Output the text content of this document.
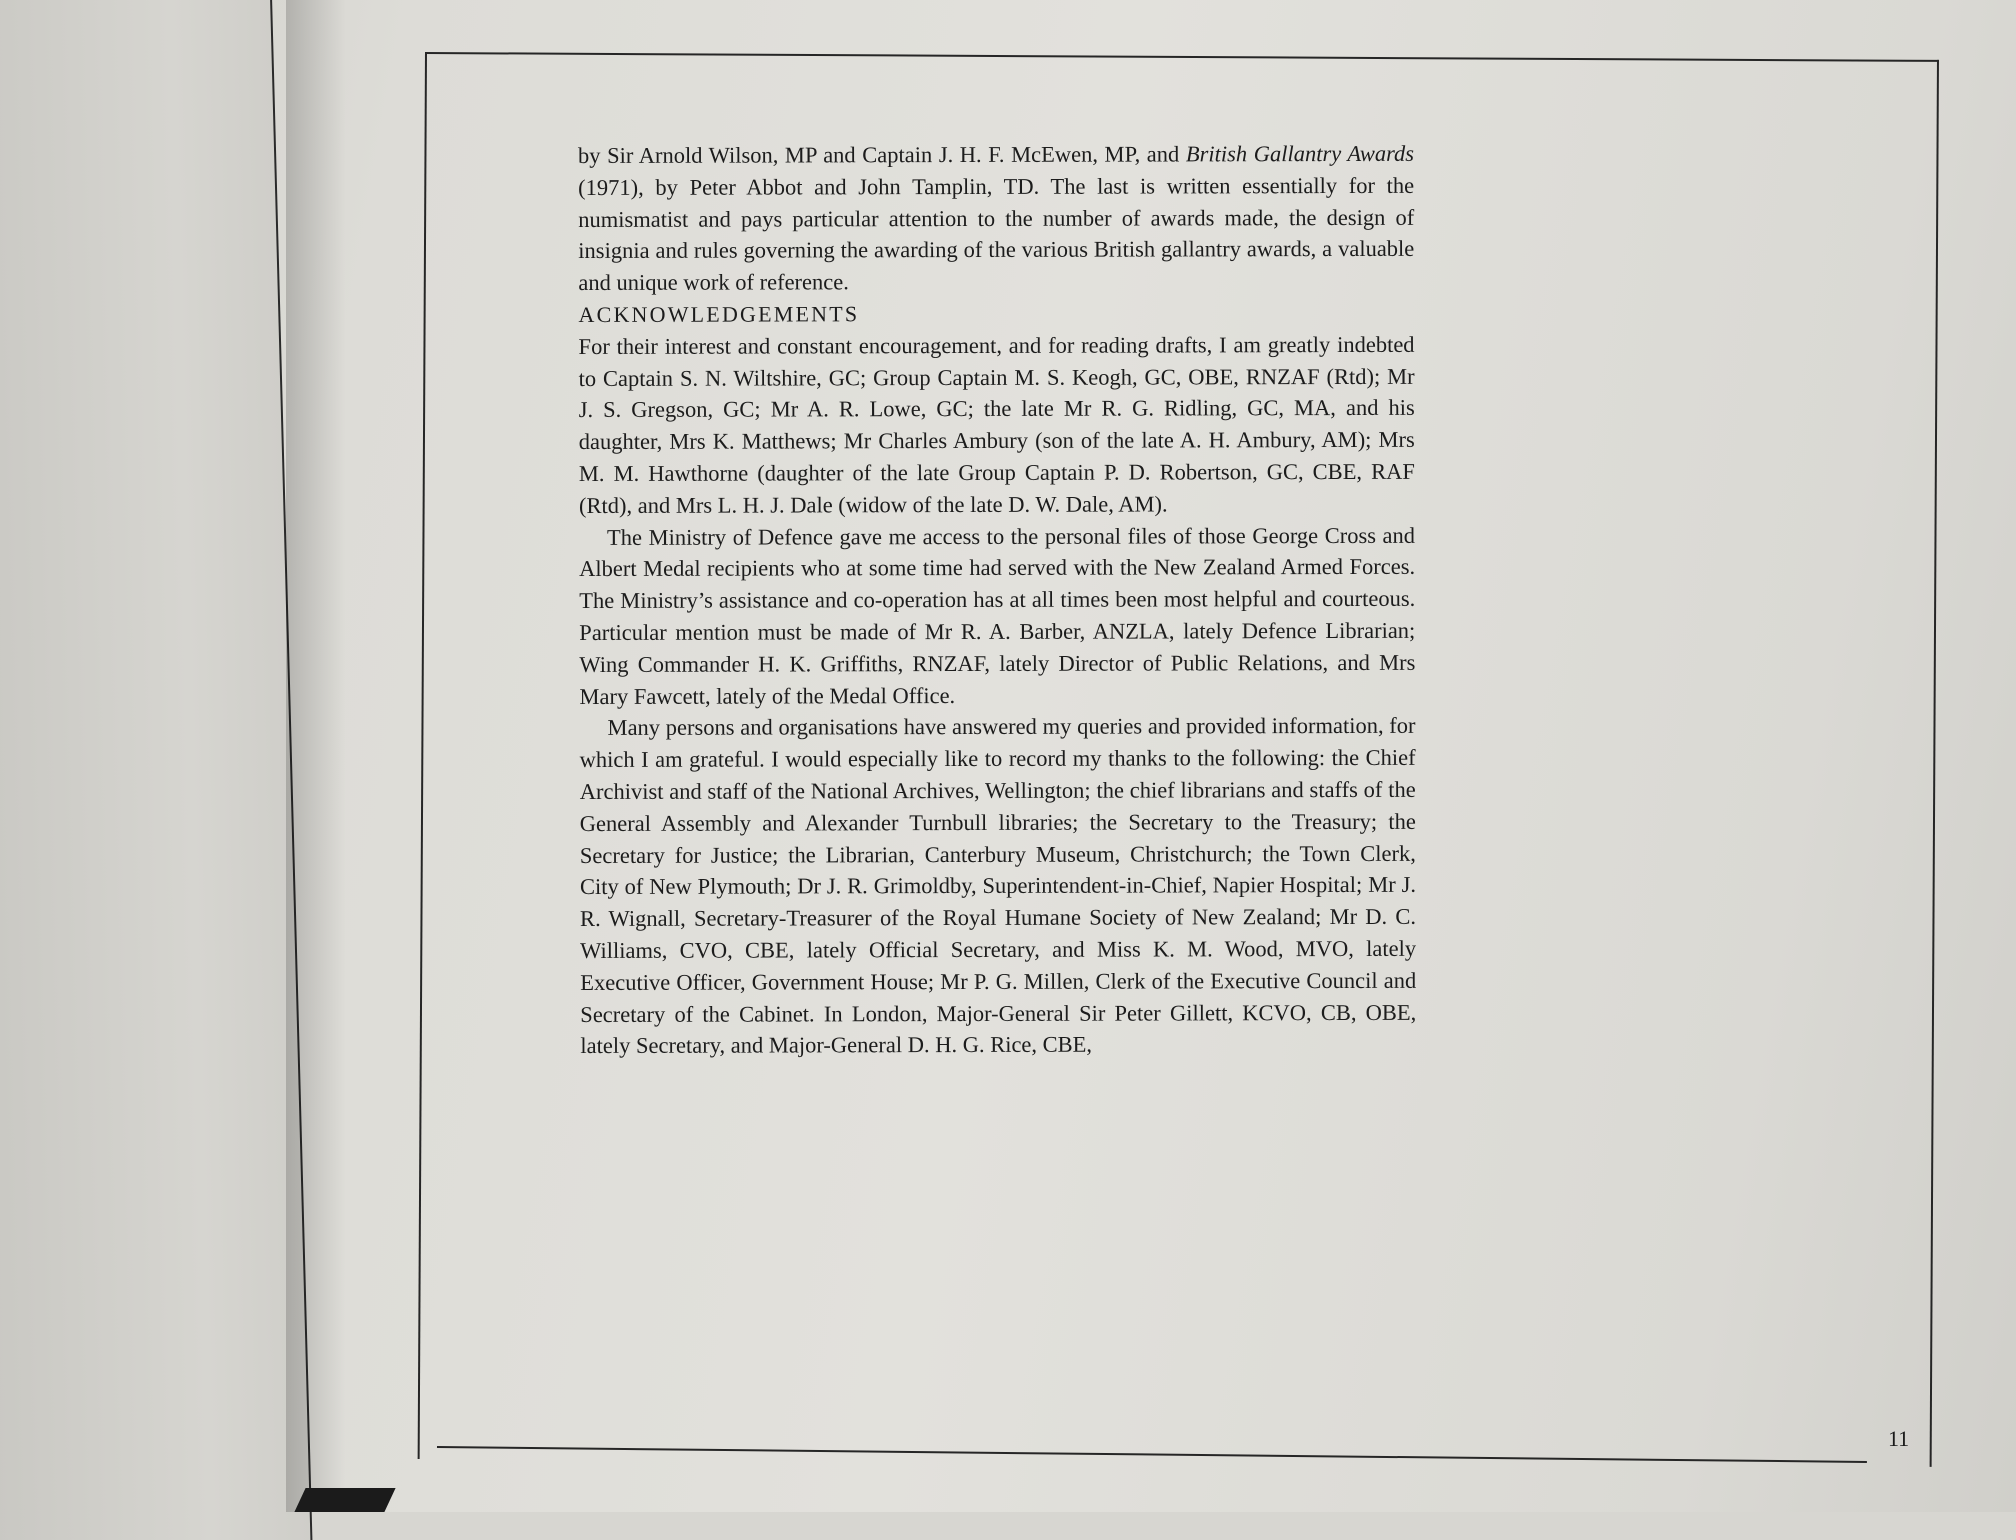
by Sir Arnold Wilson, MP and Captain J. H. F. McEwen, MP, and British Gallantry Awards (1971), by Peter Abbot and John Tamplin, TD. The last is written essentially for the numismatist and pays particular attention to the number of awards made, the design of insignia and rules governing the awarding of the various British gallantry awards, a valuable and unique work of reference.

ACKNOWLEDGEMENTS

For their interest and constant encouragement, and for reading drafts, I am greatly indebted to Captain S. N. Wiltshire, GC; Group Captain M. S. Keogh, GC, OBE, RNZAF (Rtd); Mr J. S. Gregson, GC; Mr A. R. Lowe, GC; the late Mr R. G. Ridling, GC, MA, and his daughter, Mrs K. Matthews; Mr Charles Ambury (son of the late A. H. Ambury, AM); Mrs M. M. Hawthorne (daughter of the late Group Captain P. D. Robertson, GC, CBE, RAF (Rtd), and Mrs L. H. J. Dale (widow of the late D. W. Dale, AM).

The Ministry of Defence gave me access to the personal files of those George Cross and Albert Medal recipients who at some time had served with the New Zealand Armed Forces. The Ministry’s assistance and co-operation has at all times been most helpful and courteous. Particular mention must be made of Mr R. A. Barber, ANZLA, lately Defence Librarian; Wing Commander H. K. Griffiths, RNZAF, lately Director of Public Relations, and Mrs Mary Fawcett, lately of the Medal Office.

Many persons and organisations have answered my queries and provided information, for which I am grateful. I would especially like to record my thanks to the following: the Chief Archivist and staff of the National Archives, Wellington; the chief librarians and staffs of the General Assembly and Alexander Turnbull libraries; the Secretary to the Treasury; the Secretary for Justice; the Librarian, Canterbury Museum, Christchurch; the Town Clerk, City of New Plymouth; Dr J. R. Grimoldby, Superintendent-in-Chief, Napier Hospital; Mr J. R. Wignall, Secretary-Treasurer of the Royal Humane Society of New Zealand; Mr D. C. Williams, CVO, CBE, lately Official Secretary, and Miss K. M. Wood, MVO, lately Executive Officer, Government House; Mr P. G. Millen, Clerk of the Executive Council and Secretary of the Cabinet. In London, Major-General Sir Peter Gillett, KCVO, CB, OBE, lately Secretary, and Major-General D. H. G. Rice, CBE,

11
